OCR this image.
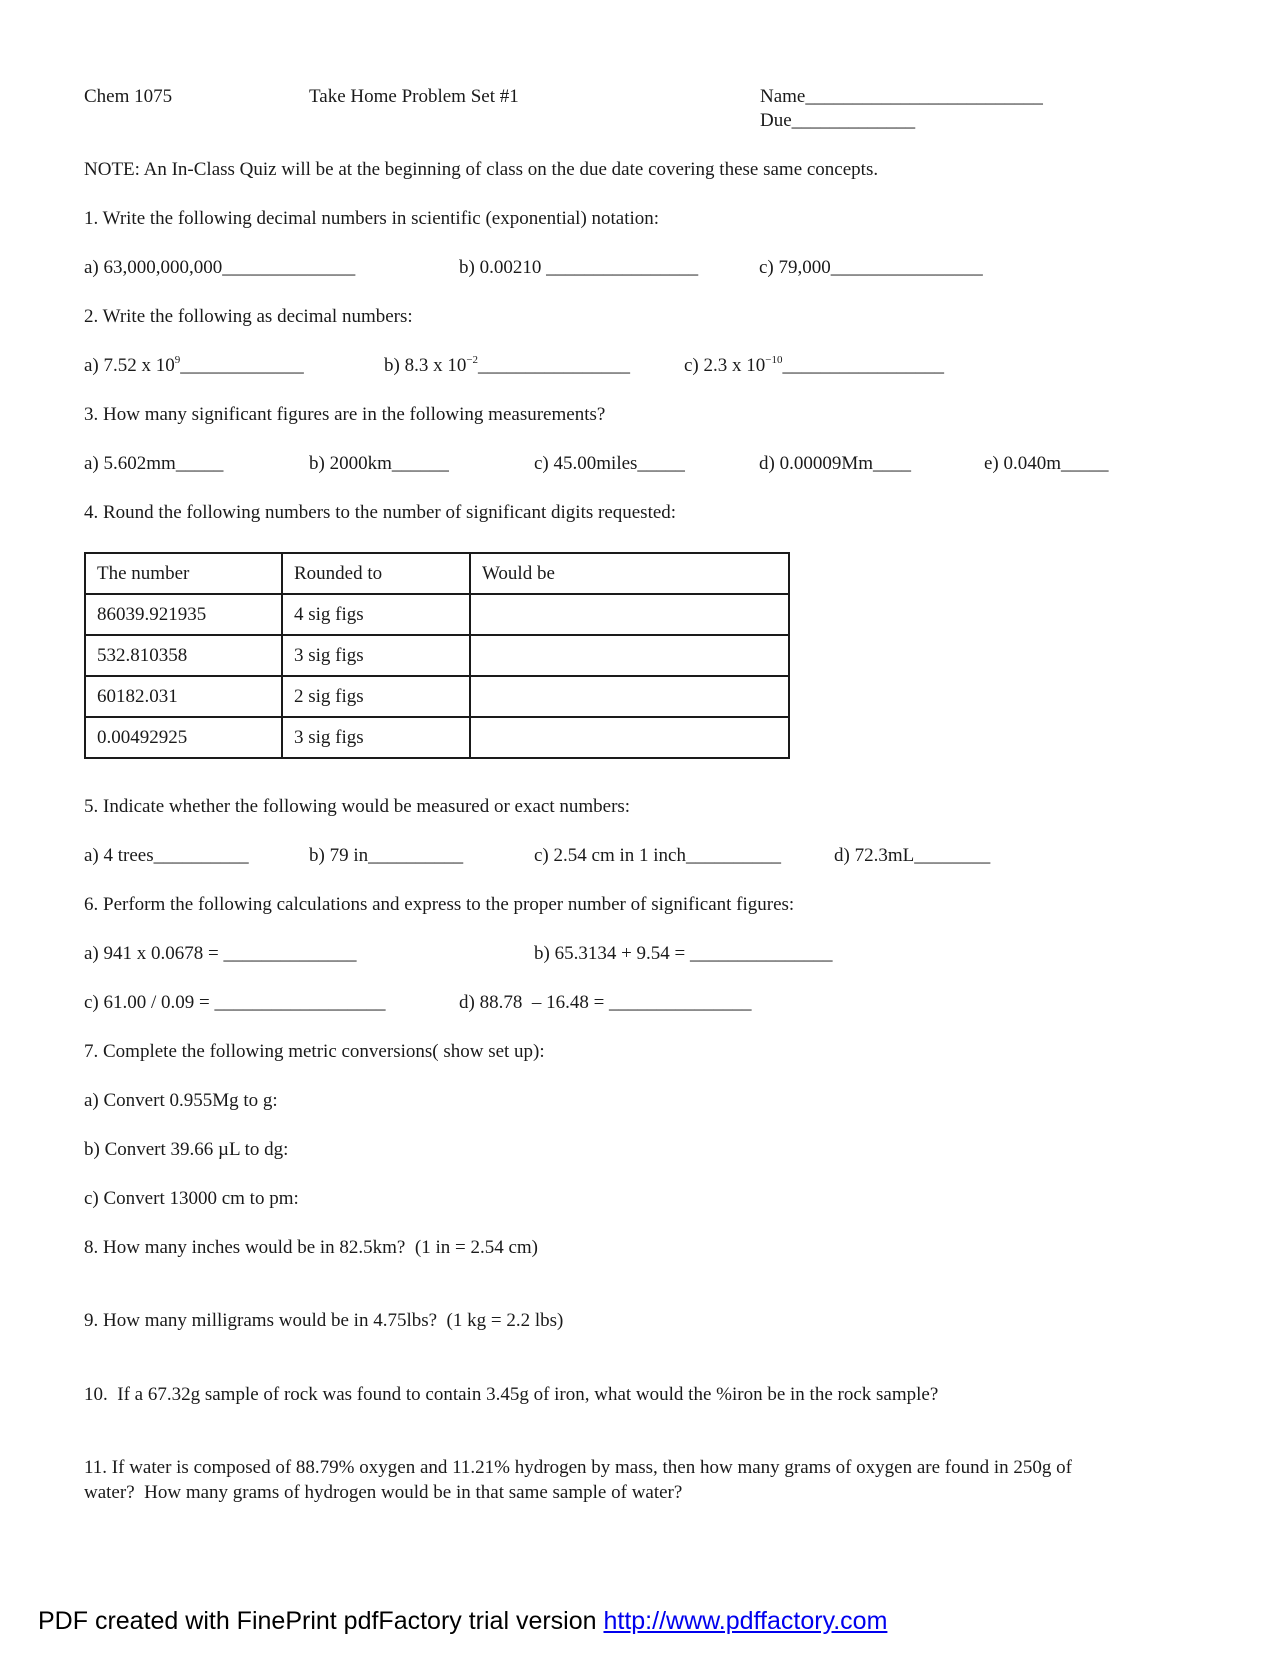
Chem 1075	Take Home Problem Set #1	Name_________________________
Due_____________
NOTE: An In-Class Quiz will be at the beginning of class on the due date covering these same concepts.
1. Write the following decimal numbers in scientific (exponential) notation:
a) 63,000,000,000______________	b) 0.00210 ________________	c) 79,000________________
2. Write the following as decimal numbers:
a) 7.52 x $10^9\_\_\_\_\_\_\_\_\_\_\_\_\_$	b) 8.3 x $10^{-2}\_\_\_\_\_\_\_\_\_\_\_\_\_\_\_\_$	c) 2.3 x $10^{-10}\_\_\_\_\_\_\_\_\_\_\_\_\_\_\_\_\_$
3. How many significant figures are in the following measurements?
a) 5.602mm_____	b) 2000km______	c) 45.00miles_____	d) 0.00009Mm____	e) 0.040m_____
4. Round the following numbers to the number of significant digits requested:
The number	Rounded to	Would be
86039.921935	4 sig figs	
532.810358	3 sig figs	
60182.031	2 sig figs	
0.00492925	3 sig figs	
5. Indicate whether the following would be measured or exact numbers:
a) 4 trees__________	b) 79 in__________	c) 2.54 cm in 1 inch__________	d) 72.3mL________
6. Perform the following calculations and express to the proper number of significant figures:
a) 941 x 0.0678 = ______________	b) 65.3134 + 9.54 = _______________
c) 61.00 / 0.09 = __________________	d) 88.78  – 16.48 = _______________
7. Complete the following metric conversions( show set up):
a) Convert 0.955Mg to g:
b) Convert 39.66 µL to dg:
c) Convert 13000 cm to pm:
8. How many inches would be in 82.5km?  (1 in = 2.54 cm)
9. How many milligrams would be in 4.75lbs?  (1 kg = 2.2 lbs)
10.  If a 67.32g sample of rock was found to contain 3.45g of iron, what would the %iron be in the rock sample?
11. If water is composed of 88.79% oxygen and 11.21% hydrogen by mass, then how many grams of oxygen are found in 250g of
water?  How many grams of hydrogen would be in that same sample of water?
PDF created with FinePrint pdfFactory trial version http://www.pdffactory.com
